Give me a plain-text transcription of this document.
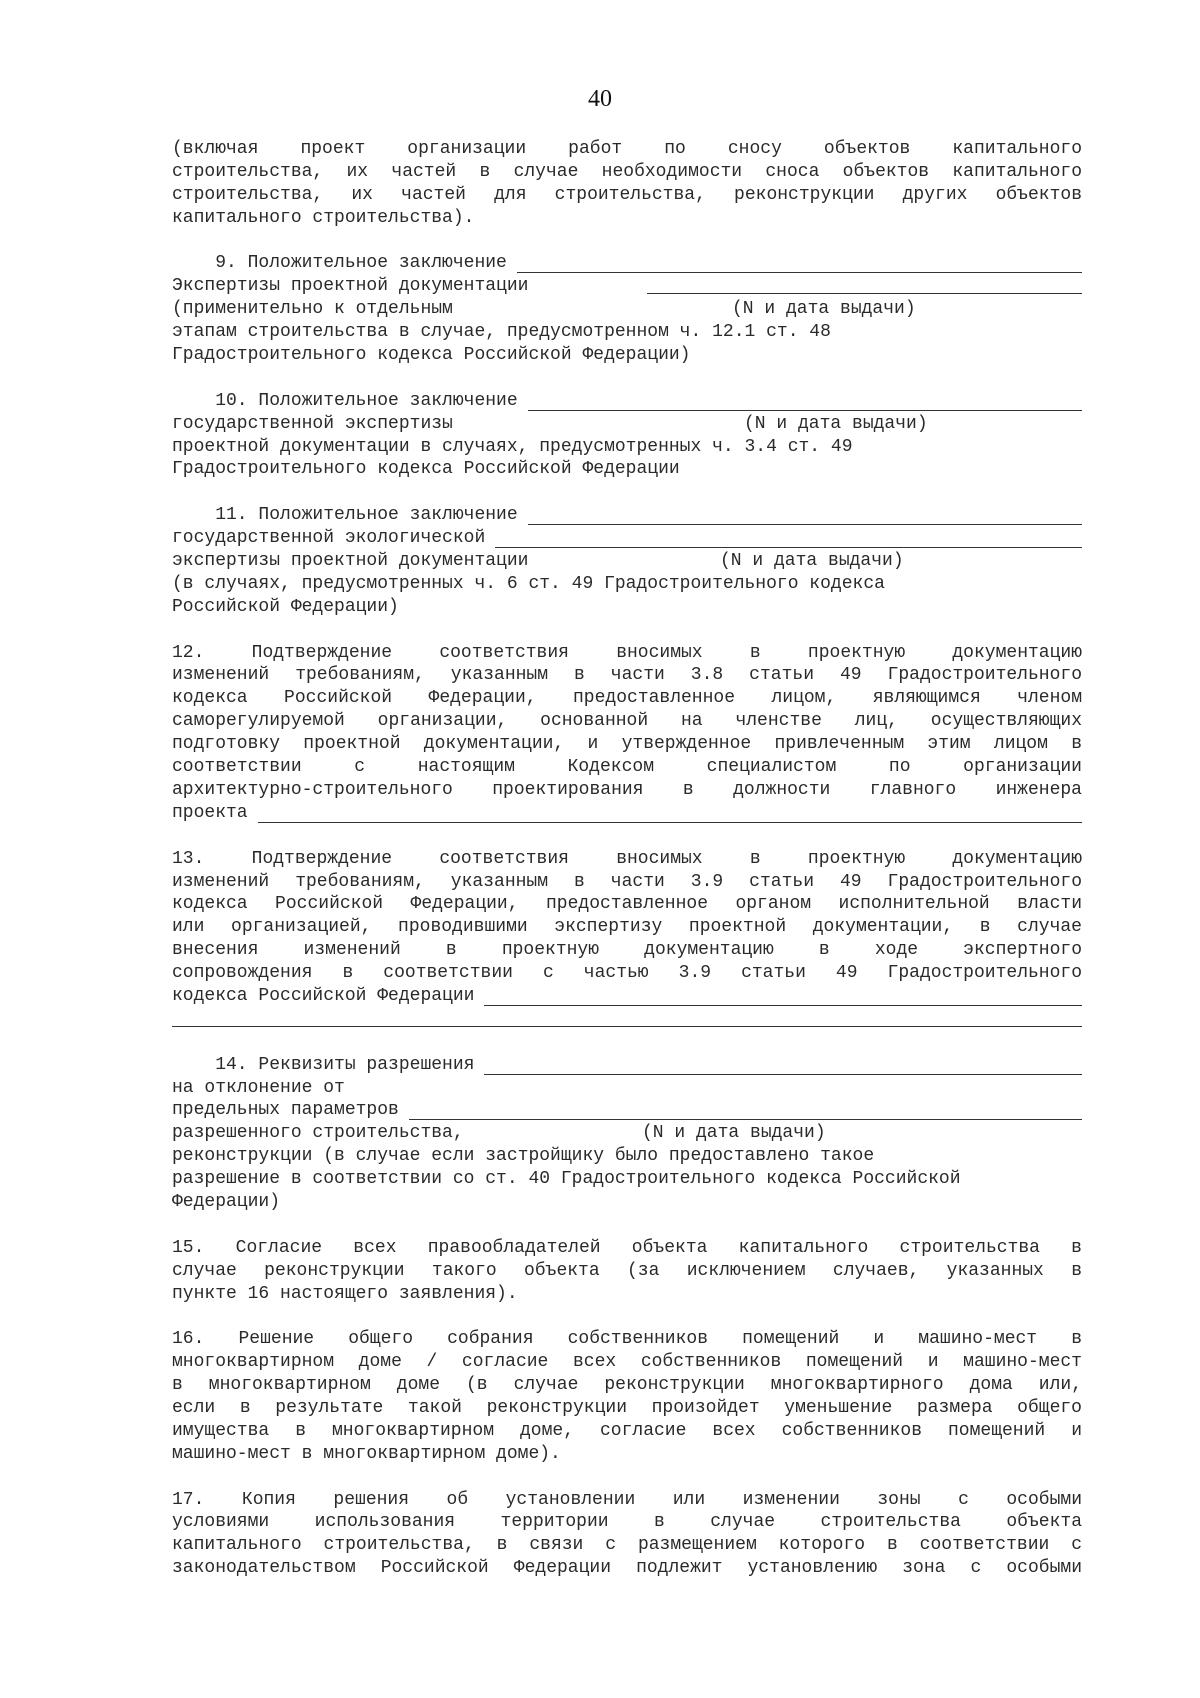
40
(включая проект организации работ по сносу объектов капитального
строительства, их частей в случае необходимости сноса объектов капитального
строительства, их частей для строительства, реконструкции других объектов
капитального строительства).
9. Положительное заключение

Экспертизы проектной документации

(применительно к отдельным

	(N и дата выдачи)

этапам строительства в случае, предусмотренном ч. 12.1 ст. 48
Градостроительного кодекса Российской Федерации)
10. Положительное заключение

государственной экспертизы

	(N и дата выдачи)

проектной документации в случаях, предусмотренных ч. 3.4 ст. 49
Градостроительного кодекса Российской Федерации
11. Положительное заключение
государственной экологической

экспертизы проектной документации

	(N и дата выдачи)

(в случаях, предусмотренных ч. 6 ст. 49 Градостроительного кодекса
Российской Федерации)
12. Подтверждение соответствия вносимых в проектную документацию
изменений требованиям, указанным в части 3.8 статьи 49 Градостроительного
кодекса Российской Федерации, предоставленное лицом, являющимся членом
саморегулируемой организации, основанной на членстве лиц, осуществляющих
подготовку проектной документации, и утвержденное привлеченным этим лицом в
соответствии с настоящим Кодексом специалистом по организации
архитектурно-строительного проектирования в должности главного инженера
проекта
13. Подтверждение соответствия вносимых в проектную документацию
изменений требованиям, указанным в части 3.9 статьи 49 Градостроительного
кодекса Российской Федерации, предоставленное органом исполнительной власти
или организацией, проводившими экспертизу проектной документации, в случае
внесения изменений в проектную документацию в ходе экспертного
сопровождения в соответствии с частью 3.9 статьи 49 Градостроительного
кодекса Российской Федерации
14. Реквизиты разрешения
на отклонение от
предельных параметров

разрешенного строительства,

	(N и дата выдачи)

реконструкции (в случае если застройщику было предоставлено такое
разрешение в соответствии со ст. 40 Градостроительного кодекса Российской
Федерации)
15. Согласие всех правообладателей объекта капитального строительства в
случае реконструкции такого объекта (за исключением случаев, указанных в
пункте 16 настоящего заявления).
16. Решение общего собрания собственников помещений и машино-мест в
многоквартирном доме / согласие всех собственников помещений и машино-мест
в многоквартирном доме (в случае реконструкции многоквартирного дома или,
если в результате такой реконструкции произойдет уменьшение размера общего
имущества в многоквартирном доме, согласие всех собственников помещений и
машино-мест в многоквартирном доме).
17. Копия решения об установлении или изменении зоны с особыми
условиями использования территории в случае строительства объекта
капитального строительства, в связи с размещением которого в соответствии с
законодательством Российской Федерации подлежит установлению зона с особыми
